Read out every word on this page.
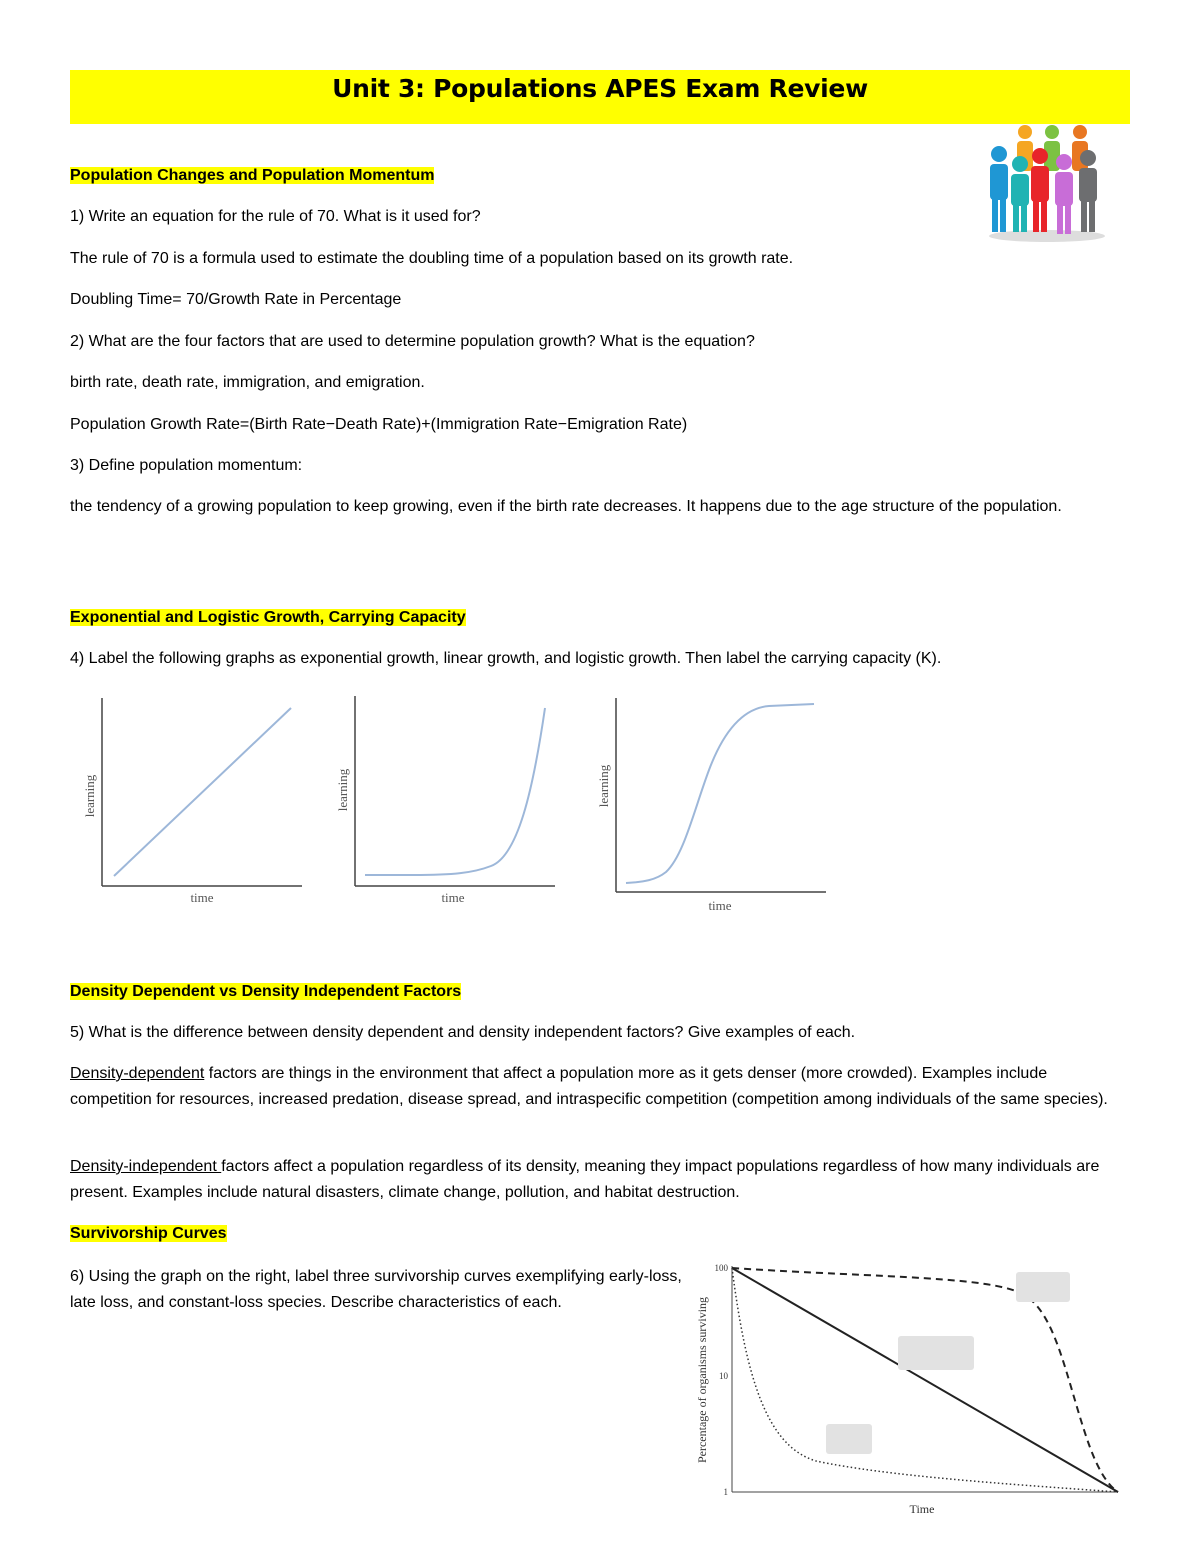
Unit 3: Populations APES Exam Review
Population Changes and Population Momentum
1) Write an equation for the rule of 70. What is it used for?
The rule of 70 is a formula used to estimate the doubling time of a population based on its growth rate.
Doubling Time= 70/Growth Rate in Percentage
2) What are the four factors that are used to determine population growth? What is the equation?
birth rate, death rate, immigration, and emigration.
Population Growth Rate=(Birth Rate−Death Rate)+(Immigration Rate−Emigration Rate)
3) Define population momentum:
the tendency of a growing population to keep growing, even if the birth rate decreases. It happens due to the age structure of the population.
Exponential and Logistic Growth, Carrying Capacity
4) Label the following graphs as exponential growth, linear growth, and logistic growth. Then label the carrying capacity (K).
learning
time
learning
time
learning
time
Density Dependent vs Density Independent Factors
5) What is the difference between density dependent and density independent factors? Give examples of each.
Density-dependent factors are things in the environment that affect a population more as it gets denser (more crowded). Examples include competition for resources, increased predation, disease spread, and intraspecific competition (competition among individuals of the same species).
Density-independent factors affect a population regardless of its density, meaning they impact populations regardless of how many individuals are present. Examples include natural disasters, climate change, pollution, and habitat destruction.
Survivorship Curves
6) Using the graph on the right, label three survivorship curves exemplifying early-loss, late loss, and constant-loss species. Describe characteristics of each.
100
10
1
Percentage of organisms surviving
Time
